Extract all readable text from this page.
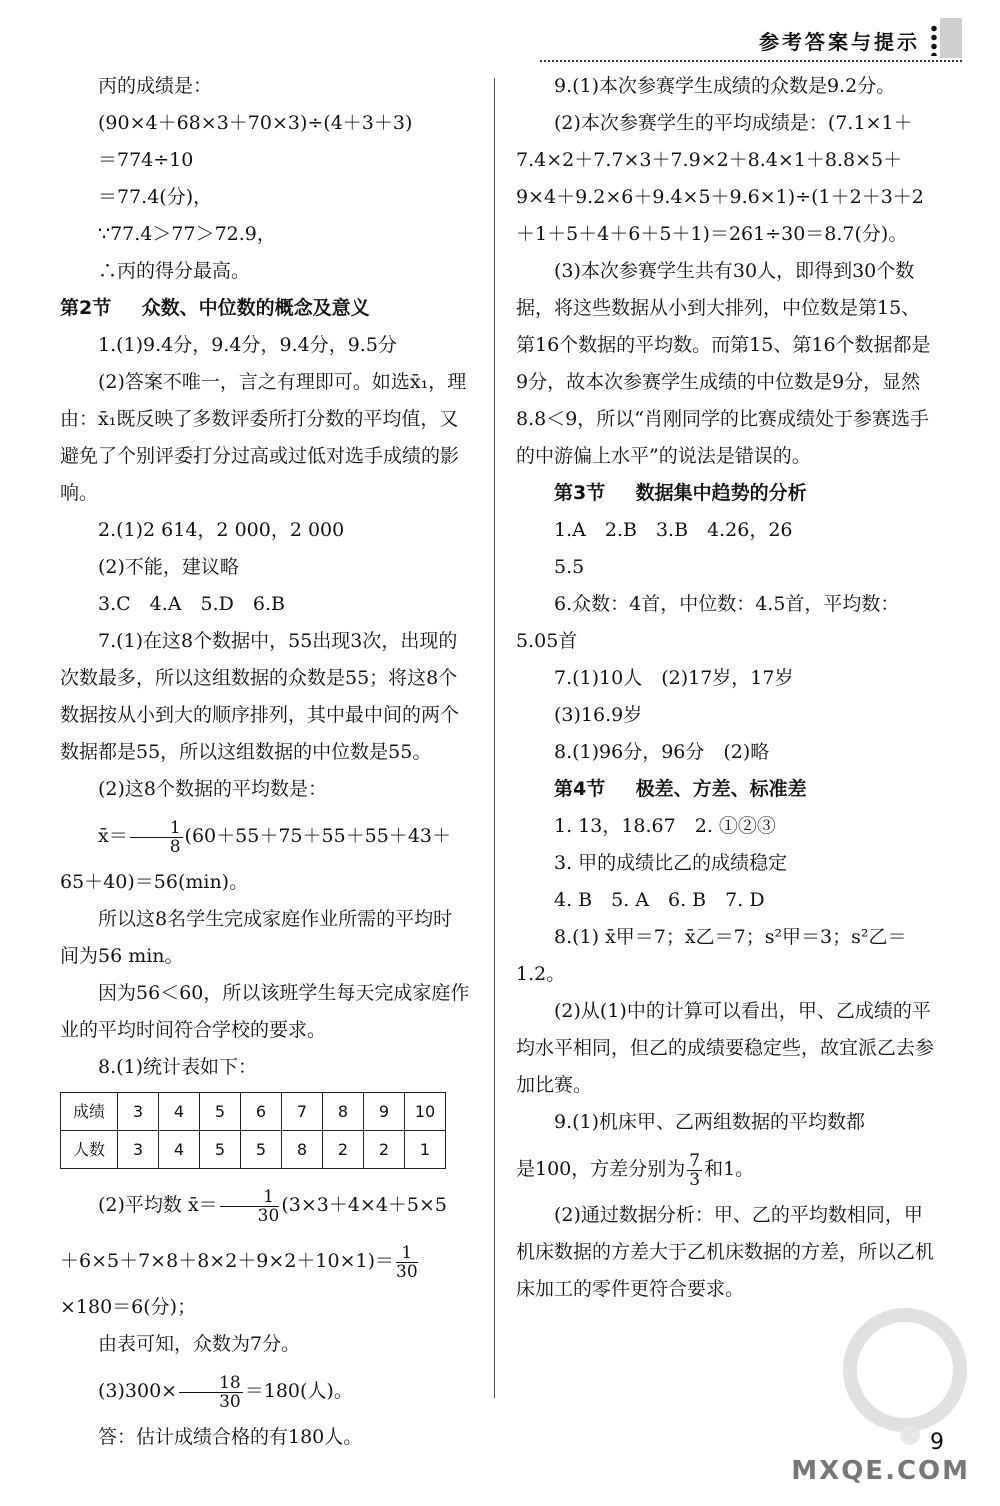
参考答案与提示

丙的成绩是：

(90×4＋68×3＋70×3)÷(4＋3＋3)

＝774÷10

＝77.4(分)，

∵77.4＞77＞72.9，

∴丙的得分最高。

第2节 众数、中位数的概念及意义

1.(1)9.4分，9.4分，9.4分，9.5分

(2)答案不唯一，言之有理即可。如选x̄₁，理由：x̄₁既反映了多数评委所打分数的平均值，又避免了个别评委打分过高或过低对选手成绩的影响。

2.(1)2 614，2 000，2 000

(2)不能，建议略

3.C　4.A　5.D　6.B

7.(1)在这8个数据中，55出现3次，出现的次数最多，所以这组数据的众数是55；将这8个数据按从小到大的顺序排列，其中最中间的两个数据都是55，所以这组数据的中位数是55。

(2)这8个数据的平均数是：

x̄＝ $\frac{1}{8} (60+55+75+55+55+43+$

65＋40)＝56(min)。

所以这8名学生完成家庭作业所需的平均时间为56 min。

因为56＜60，所以该班学生每天完成家庭作业的平均时间符合学校的要求。

8.(1)统计表如下：

成绩	3	4	5	6	7	8	9	10
人数	3	4	5	5	8	2	2	1

(2)平均数 x̄＝ $\frac{1}{30} (3\times 3+4\times 4+5\times 5$

$+6\times 5+7\times 8+8\times 2+9\times 2+10\times 1)= \frac{1}{30}$

×180＝6(分)；

由表可知，众数为7分。

$(3)300\times \frac{18}{30} =180$(人)。

答：估计成绩合格的有180人。

9.(1)本次参赛学生成绩的众数是9.2分。

(2)本次参赛学生的平均成绩是：(7.1×1＋7.4×2＋7.7×3＋7.9×2＋8.4×1＋8.8×5＋9×4＋9.2×6＋9.4×5＋9.6×1)÷(1＋2＋3＋2＋1＋5＋4＋6＋5＋1)＝261÷30＝8.7(分)。

(3)本次参赛学生共有30人，即得到30个数据，将这些数据从小到大排列，中位数是第15、第16个数据的平均数。而第15、第16个数据都是9分，故本次参赛学生成绩的中位数是9分，显然8.8＜9，所以“肖刚同学的比赛成绩处于参赛选手的中游偏上水平”的说法是错误的。

第3节 数据集中趋势的分析

1.A　2.B　3.B　4.26，26

5.5

6.众数：4首，中位数：4.5首，平均数：5.05首

7.(1)10人　(2)17岁，17岁

(3)16.9岁

8.(1)96分，96分　(2)略

第4节 极差、方差、标准差

1. 13，18.67　2. ①②③

3. 甲的成绩比乙的成绩稳定

4. B　5. A　6. B　7. D

8.(1) x̄甲＝7；x̄乙＝7；s²甲＝3；s²乙＝1.2。

(2)从(1)中的计算可以看出，甲、乙成绩的平均水平相同，但乙的成绩要稳定些，故宜派乙去参加比赛。

9.(1)机床甲、乙两组数据的平均数都

是100，方差分别为 $\frac{7}{3}$ 和1。

(2)通过数据分析：甲、乙的平均数相同，甲机床数据的方差大于乙机床数据的方差，所以乙机床加工的零件更符合要求。

MXQE.COM
9
